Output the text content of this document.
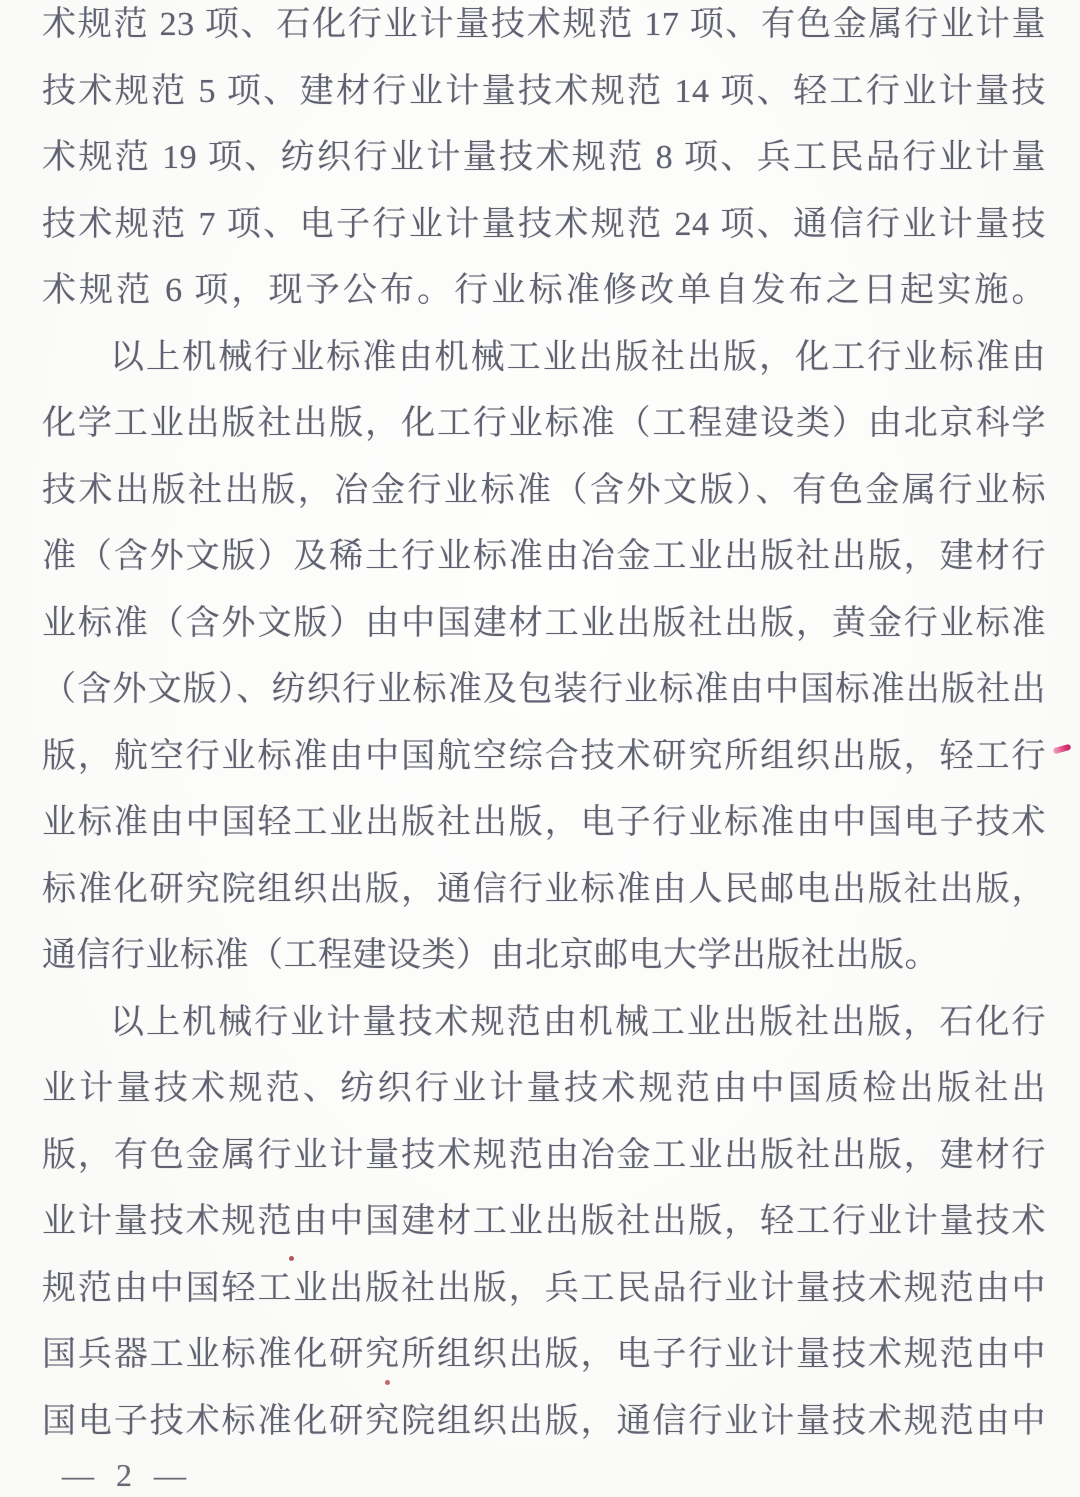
术规范 23 项、石化行业计量技术规范 17 项、有色金属行业计量
技术规范 5 项、建材行业计量技术规范 14 项、轻工行业计量技
术规范 19 项、纺织行业计量技术规范 8 项、兵工民品行业计量
技术规范 7 项、电子行业计量技术规范 24 项、通信行业计量技
术规范 6 项，现予公布。行业标准修改单自发布之日起实施。
以上机械行业标准由机械工业出版社出版，化工行业标准由
化学工业出版社出版，化工行业标准（工程建设类）由北京科学
技术出版社出版，冶金行业标准（含外文版）、有色金属行业标
准（含外文版）及稀土行业标准由冶金工业出版社出版，建材行
业标准（含外文版）由中国建材工业出版社出版，黄金行业标准
（含外文版）、纺织行业标准及包装行业标准由中国标准出版社出
版，航空行业标准由中国航空综合技术研究所组织出版，轻工行
业标准由中国轻工业出版社出版，电子行业标准由中国电子技术
标准化研究院组织出版，通信行业标准由人民邮电出版社出版，
通信行业标准（工程建设类）由北京邮电大学出版社出版。
以上机械行业计量技术规范由机械工业出版社出版，石化行
业计量技术规范、纺织行业计量技术规范由中国质检出版社出
版，有色金属行业计量技术规范由冶金工业出版社出版，建材行
业计量技术规范由中国建材工业出版社出版，轻工行业计量技术
规范由中国轻工业出版社出版，兵工民品行业计量技术规范由中
国兵器工业标准化研究所组织出版，电子行业计量技术规范由中
国电子技术标准化研究院组织出版，通信行业计量技术规范由中
— 2 —
